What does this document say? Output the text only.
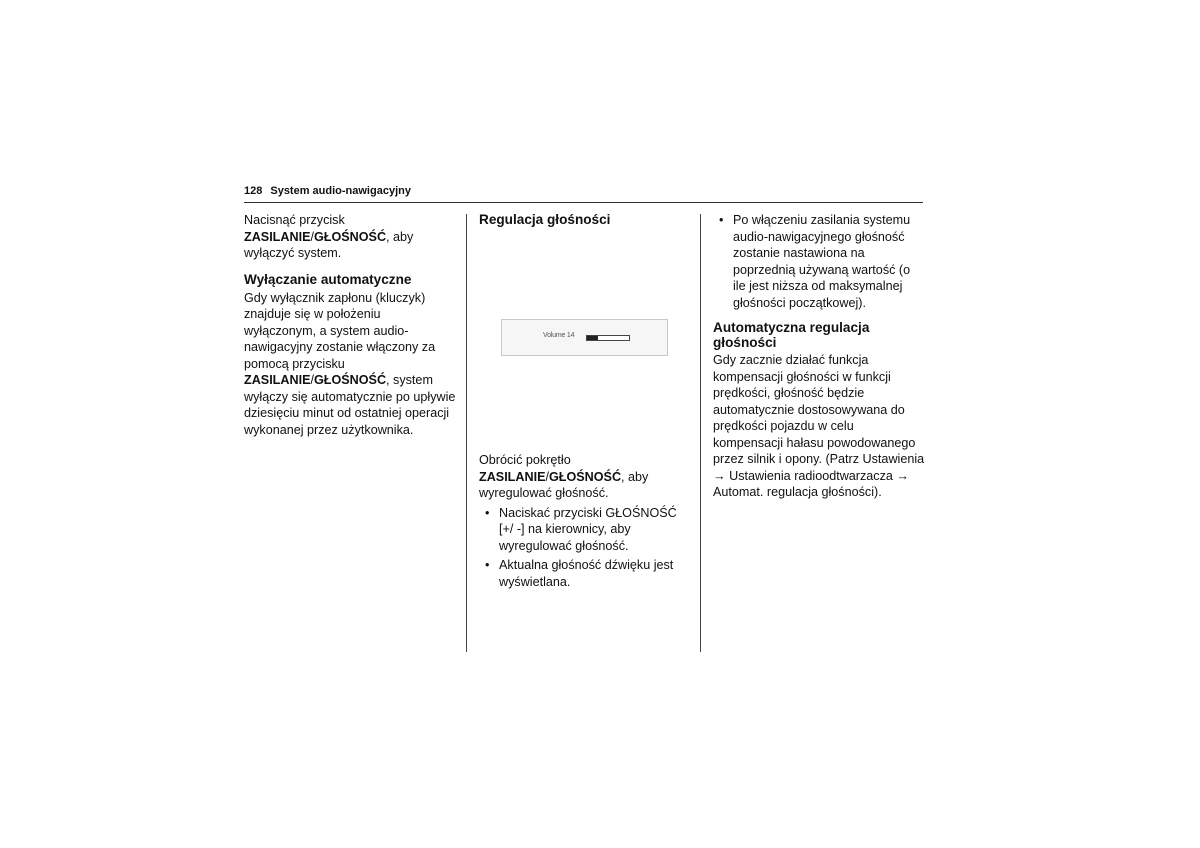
128 System audio-nawigacyjny

Nacisnąć przycisk ZASILANIE/GŁOŚNOŚĆ, aby wyłączyć system.

Wyłączanie automatyczne

Gdy wyłącznik zapłonu (kluczyk) znajduje się w położeniu wyłączonym, a system audio-nawigacyjny zostanie włączony za pomocą przycisku ZASILANIE/GŁOŚNOŚĆ, system wyłączy się automatycznie po upływie dziesięciu minut od ostatniej operacji wykonanej przez użytkownika.

Regulacja głośności

Obrócić pokrętło ZASILANIE/GŁOŚNOŚĆ, aby wyregulować głośność.

• Naciskać przyciski GŁOŚNOŚĆ [+/ -] na kierownicy, aby wyregulować głośność.
• Aktualna głośność dźwięku jest wyświetlana.
Volume 14
• Po włączeniu zasilania systemu audio-nawigacyjnego głośność zostanie nastawiona na poprzednią używaną wartość (o ile jest niższa od maksymalnej głośności początkowej).
Automatyczna regulacja głośności

Gdy zacznie działać funkcja kompensacji głośności w funkcji prędkości, głośność będzie automatycznie dostosowywana do prędkości pojazdu w celu kompensacji hałasu powodowanego przez silnik i opony. (Patrz Ustawienia → Ustawienia radioodtwarzacza → Automat. regulacja głośności).
